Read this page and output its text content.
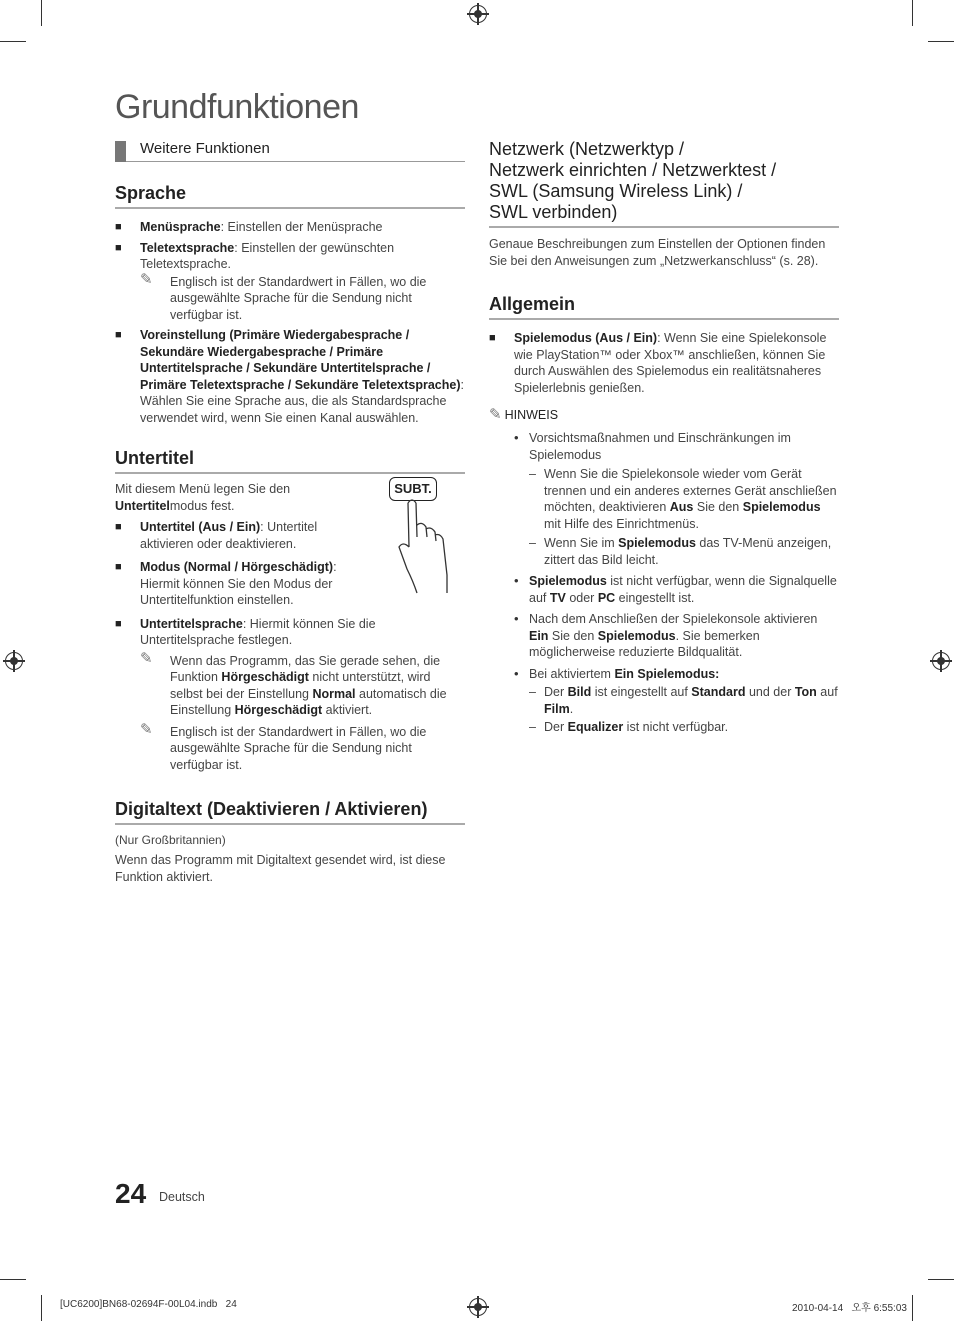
Grundfunktionen
Weitere Funktionen
Sprache
■ Menüsprache: Einstellen der Menüsprache
■ Teletextsprache: Einstellen der gewünschten Teletextsprache.
✎ Englisch ist der Standardwert in Fällen, wo die ausgewählte Sprache für die Sendung nicht verfügbar ist.
■ Voreinstellung (Primäre Wiedergabesprache / Sekundäre Wiedergabesprache / Primäre Untertitelsprache / Sekundäre Untertitelsprache / Primäre Teletextsprache / Sekundäre Teletextsprache): Wählen Sie eine Sprache aus, die als Standardsprache verwendet wird, wenn Sie einen Kanal auswählen.
Untertitel
Mit diesem Menü legen Sie den Untertitelmodus fest.
SUBT.
■ Untertitel (Aus / Ein): Untertitel aktivieren oder deaktivieren.
■ Modus (Normal / Hörgeschädigt): Hiermit können Sie den Modus der Untertitelfunktion einstellen.
■ Untertitelsprache: Hiermit können Sie die Untertitelsprache festlegen.
✎ Wenn das Programm, das Sie gerade sehen, die Funktion Hörgeschädigt nicht unterstützt, wird selbst bei der Einstellung Normal automatisch die Einstellung Hörgeschädigt aktiviert.
✎ Englisch ist der Standardwert in Fällen, wo die ausgewählte Sprache für die Sendung nicht verfügbar ist.
Digitaltext (Deaktivieren / Aktivieren)
(Nur Großbritannien)
Wenn das Programm mit Digitaltext gesendet wird, ist diese Funktion aktiviert.
Netzwerk (Netzwerktyp /
Netzwerk einrichten / Netzwerktest /
SWL (Samsung Wireless Link) /
SWL verbinden)
Genaue Beschreibungen zum Einstellen der Optionen finden Sie bei den Anweisungen zum „Netzwerkanschluss“ (s. 28).
Allgemein
■ Spielemodus (Aus / Ein): Wenn Sie eine Spielekonsole wie PlayStation™ oder Xbox™ anschließen, können Sie durch Auswählen des Spielemodus ein realitätsnaheres Spielerlebnis genießen.
✎ HINWEIS
• Vorsichtsmaßnahmen und Einschränkungen im Spielemodus
– Wenn Sie die Spielekonsole wieder vom Gerät trennen und ein anderes externes Gerät anschließen möchten, deaktivieren Aus Sie den Spielemodus mit Hilfe des Einrichtmenüs.
– Wenn Sie im Spielemodus das TV-Menü anzeigen, zittert das Bild leicht.
• Spielemodus ist nicht verfügbar, wenn die Signalquelle auf TV oder PC eingestellt ist.
• Nach dem Anschließen der Spielekonsole aktivieren Ein Sie den Spielemodus. Sie bemerken möglicherweise reduzierte Bildqualität.
• Bei aktiviertem Ein Spielemodus:
– Der Bild ist eingestellt auf Standard und der Ton auf Film.
– Der Equalizer ist nicht verfügbar.
24 Deutsch
[UC6200]BN68-02694F-00L04.indb   24	2010-04-14   오후 6:55:03
